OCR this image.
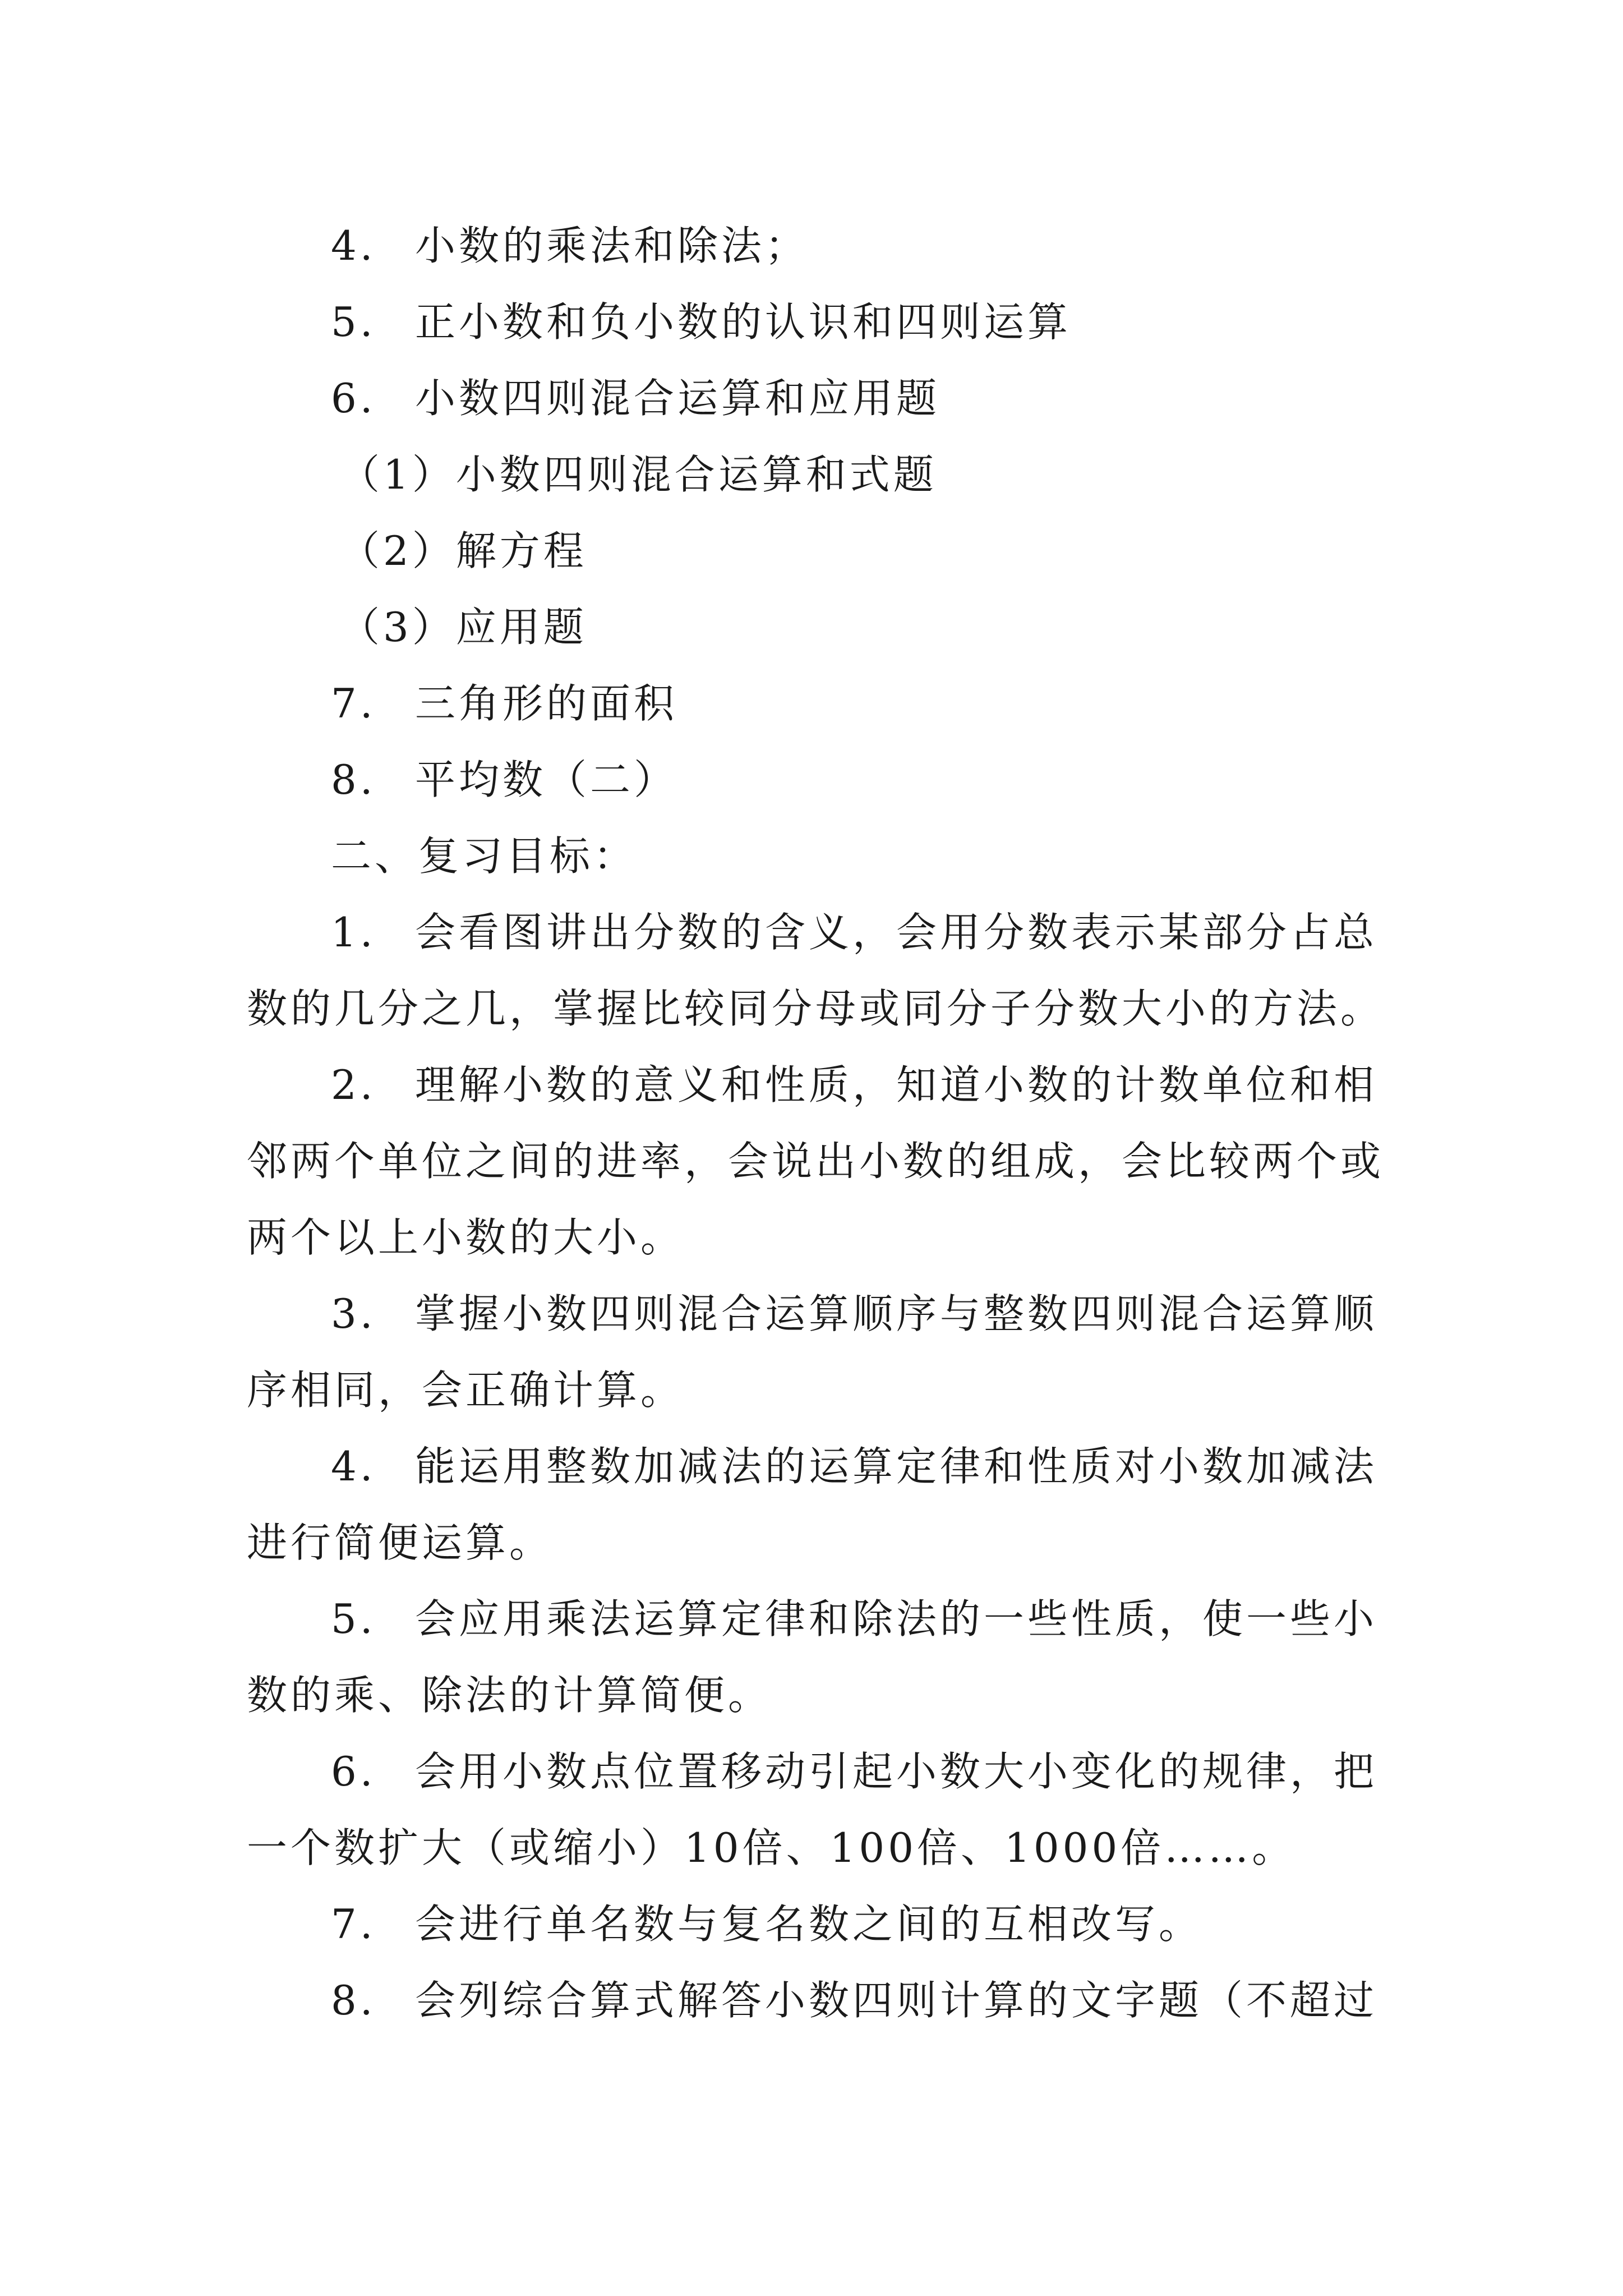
4. 小数的乘法和除法；
5. 正小数和负小数的认识和四则运算
6. 小数四则混合运算和应用题
（1）小数四则混合运算和式题
（2）解方程
（3）应用题
7. 三角形的面积
8. 平均数（二）
二、复习目标：
1. 会看图讲出分数的含义，会用分数表示某部分占总
数的几分之几，掌握比较同分母或同分子分数大小的方法。
2. 理解小数的意义和性质，知道小数的计数单位和相
邻两个单位之间的进率，会说出小数的组成，会比较两个或
两个以上小数的大小。
3. 掌握小数四则混合运算顺序与整数四则混合运算顺
序相同，会正确计算。
4. 能运用整数加减法的运算定律和性质对小数加减法
进行简便运算。
5. 会应用乘法运算定律和除法的一些性质，使一些小
数的乘、除法的计算简便。
6. 会用小数点位置移动引起小数大小变化的规律，把
一个数扩大（或缩小）10倍、100倍、1000倍……。
7. 会进行单名数与复名数之间的互相改写。
8. 会列综合算式解答小数四则计算的文字题（不超过
